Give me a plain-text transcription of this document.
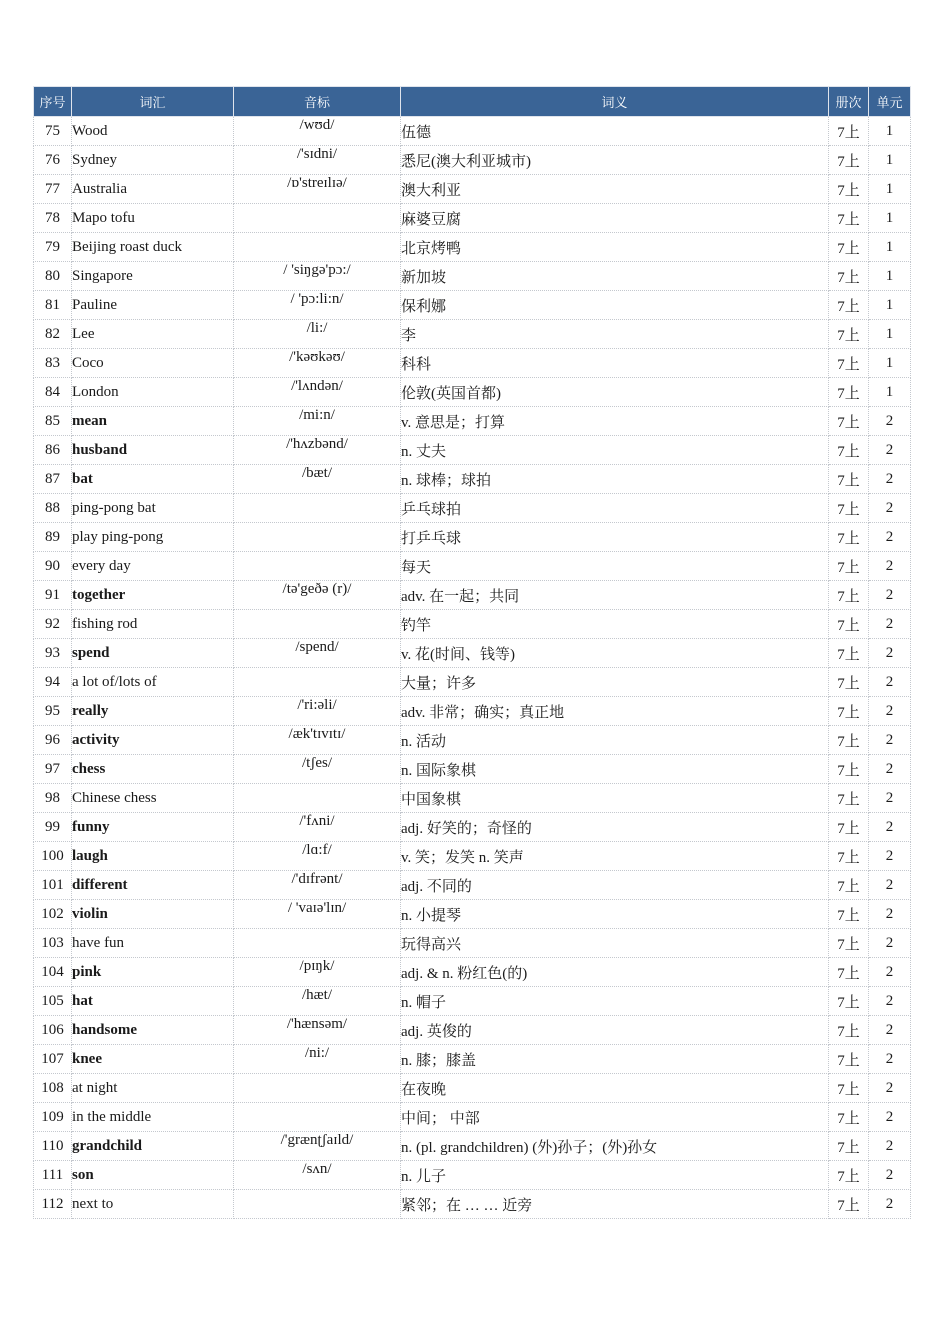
序号	词汇	音标	词义	册次	单元
75	Wood	/wʊd/	伍德	7上	1
76	Sydney	/'sɪdni/	悉尼(澳大利亚城市)	7上	1
77	Australia	/ɒ'streɪlɪə/	澳大利亚	7上	1
78	Mapo tofu		麻婆豆腐	7上	1
79	Beijing roast duck		北京烤鸭	7上	1
80	Singapore	/ 'siŋgə'pɔ:/	新加坡	7上	1
81	Pauline	/ 'pɔ:li:n/	保利娜	7上	1
82	Lee	/li:/	李	7上	1
83	Coco	/'kəʊkəʊ/	科科	7上	1
84	London	/'lʌndən/	伦敦(英国首都)	7上	1
85	mean	/mi:n/	v. 意思是；打算	7上	2
86	husband	/'hʌzbənd/	n. 丈夫	7上	2
87	bat	/bæt/	n. 球棒；球拍	7上	2
88	ping-pong bat		乒乓球拍	7上	2
89	play ping-pong		打乒乓球	7上	2
90	every day		每天	7上	2
91	together	/tə'geðə (r)/	adv. 在一起；共同	7上	2
92	fishing rod		钓竿	7上	2
93	spend	/spend/	v. 花(时间、钱等)	7上	2
94	a lot of/lots of		大量；许多	7上	2
95	really	/'ri:əli/	adv. 非常；确实；真正地	7上	2
96	activity	/æk'tɪvɪtɪ/	n. 活动	7上	2
97	chess	/tʃes/	n. 国际象棋	7上	2
98	Chinese chess		中国象棋	7上	2
99	funny	/'fʌni/	adj. 好笑的；奇怪的	7上	2
100	laugh	/lɑ:f/	v. 笑；发笑 n. 笑声	7上	2
101	different	/'dɪfrənt/	adj. 不同的	7上	2
102	violin	/ 'vaɪə'lɪn/	n. 小提琴	7上	2
103	have fun		玩得高兴	7上	2
104	pink	/pɪŋk/	adj. & n. 粉红色(的)	7上	2
105	hat	/hæt/	n. 帽子	7上	2
106	handsome	/'hænsəm/	adj. 英俊的	7上	2
107	knee	/ni:/	n. 膝；膝盖	7上	2
108	at night		在夜晚	7上	2
109	in the middle		中间； 中部	7上	2
110	grandchild	/'grænʈʃaɪld/	n. (pl. grandchildren) (外)孙子；(外)孙女	7上	2
111	son	/sʌn/	n. 儿子	7上	2
112	next to		紧邻；在 … … 近旁	7上	2
